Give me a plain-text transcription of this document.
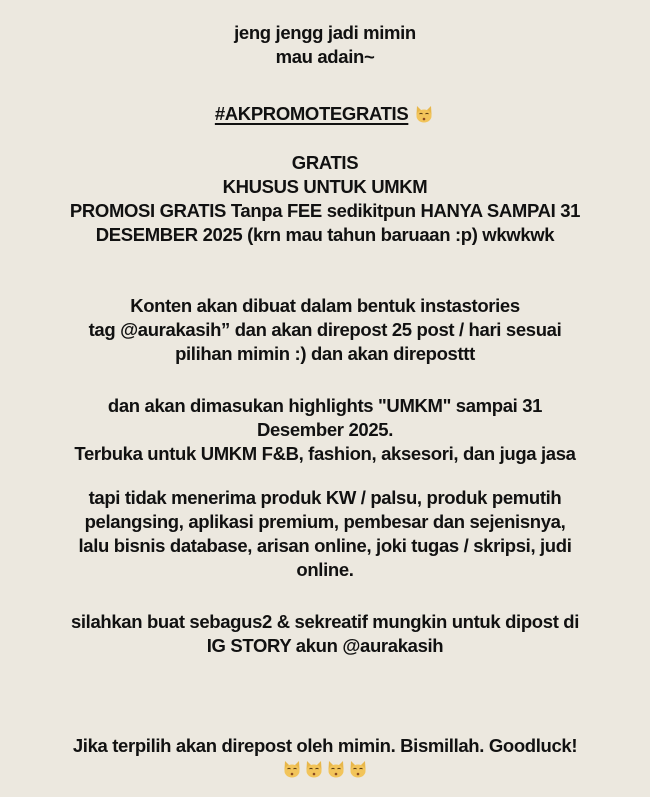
jeng jengg jadi mimin
mau adain~
#AKPROMOTEGRATIS
GRATIS
KHUSUS UNTUK UMKM
PROMOSI GRATIS Tanpa FEE sedikitpun HANYA SAMPAI 31
DESEMBER 2025 (krn mau tahun baruaan :p) wkwkwk
Konten akan dibuat dalam bentuk instastories
tag @aurakasih” dan akan direpost 25 post / hari sesuai
pilihan mimin :) dan akan direposttt
dan akan dimasukan highlights "UMKM" sampai 31
Desember 2025.
Terbuka untuk UMKM F&B, fashion, aksesori, dan juga jasa
tapi tidak menerima produk KW / palsu, produk pemutih
pelangsing, aplikasi premium, pembesar dan sejenisnya,
lalu bisnis database, arisan online, joki tugas / skripsi, judi
online.
silahkan buat sebagus2 & sekreatif mungkin untuk dipost di
IG STORY akun @aurakasih
Jika terpilih akan direpost oleh mimin. Bismillah. Goodluck!
